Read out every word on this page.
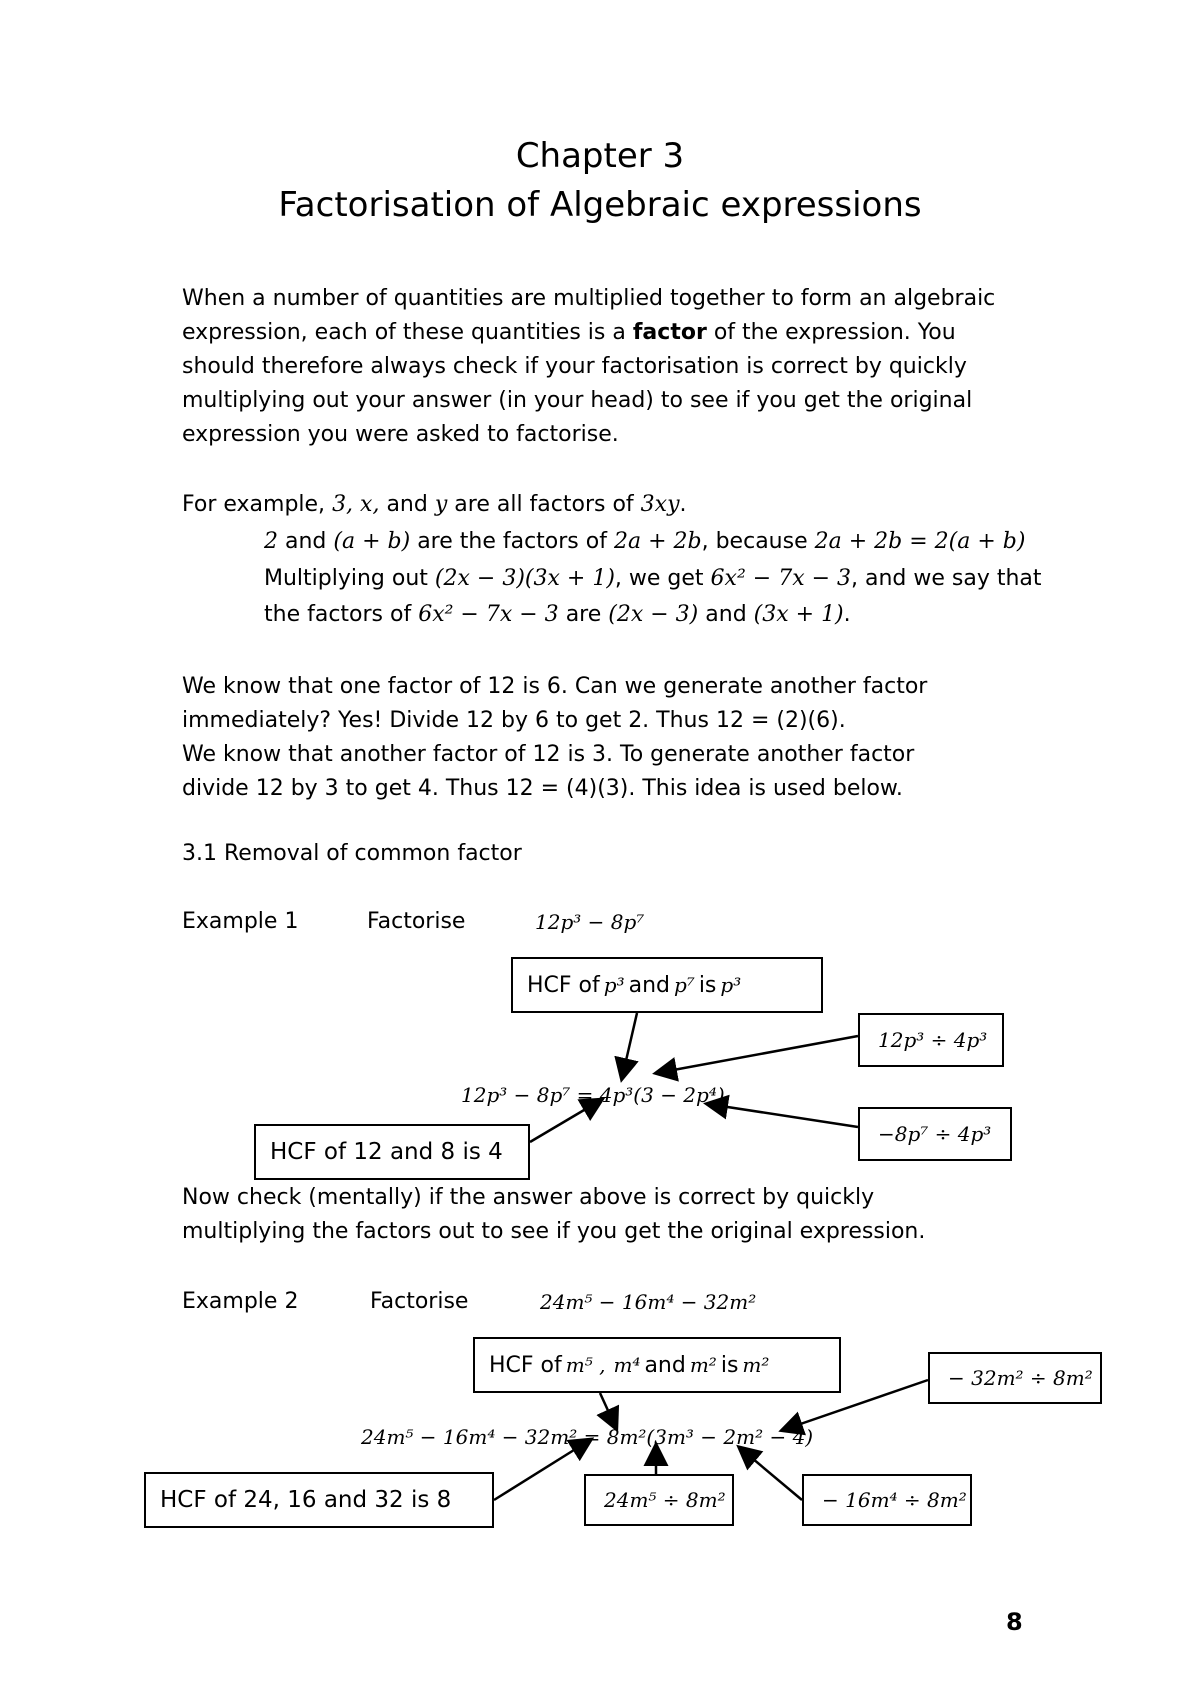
Chapter 3
Factorisation of Algebraic expressions
When a number of quantities are multiplied together to form an algebraic
expression, each of these quantities is a factor of the expression. You
should therefore always check if your factorisation is correct by quickly
multiplying out your answer (in your head) to see if you get the original
expression you were asked to factorise.
For example, 3, x, and y are all factors of 3xy.
2 and (a + b) are the factors of 2a + 2b, because 2a + 2b = 2(a + b)
Multiplying out (2x − 3)(3x + 1), we get 6x² − 7x − 3, and we say that
the factors of 6x² − 7x − 3 are (2x − 3) and (3x + 1).
We know that one factor of 12 is 6. Can we generate another factor
immediately? Yes! Divide 12 by 6 to get 2. Thus 12 = (2)(6).
We know that another factor of 12 is 3. To generate another factor
divide 12 by 3 to get 4. Thus 12 = (4)(3). This idea is used below.
3.1 Removal of common factor
Example 1	Factorise	12p³ − 8p⁷
HCF of p³ and p⁷ is p³
12p³ ÷ 4p³
12p³ − 8p⁷ = 4p³(3 − 2p⁴)
−8p⁷ ÷ 4p³
HCF of 12 and 8 is 4
Now check (mentally) if the answer above is correct by quickly
multiplying the factors out to see if you get the original expression.
Example 2	Factorise	24m⁵ − 16m⁴ − 32m²
HCF of m⁵ , m⁴ and m² is m²
− 32m² ÷ 8m²
24m⁵ − 16m⁴ − 32m² = 8m²(3m³ − 2m² − 4)
HCF of 24, 16 and 32 is 8	24m⁵ ÷ 8m²	− 16m⁴ ÷ 8m²
8
